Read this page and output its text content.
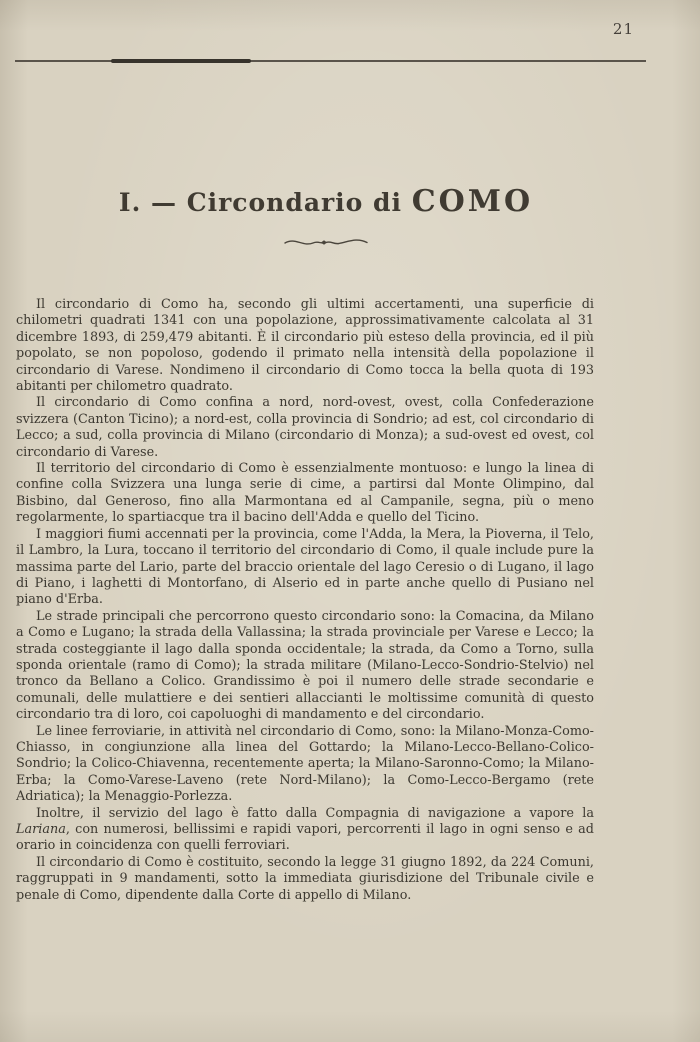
21
I. — Circondario di COMO

Il circondario di Como ha, secondo gli ultimi accertamenti, una superficie di chilometri quadrati 1341 con una popolazione, approssimativamente calcolata al 31 dicembre 1893, di 259,479 abitanti. È il circondario più esteso della provincia, ed il più popolato, se non popoloso, godendo il primato nella intensità della popolazione il circondario di Varese. Nondimeno il circondario di Como tocca la bella quota di 193 abitanti per chilometro quadrato.

Il circondario di Como confina a nord, nord-ovest, ovest, colla Confederazione svizzera (Canton Ticino); a nord-est, colla provincia di Sondrio; ad est, col circondario di Lecco; a sud, colla provincia di Milano (circondario di Monza); a sud-ovest ed ovest, col circondario di Varese.

Il territorio del circondario di Como è essenzialmente montuoso: e lungo la linea di confine colla Svizzera una lunga serie di cime, a partirsi dal Monte Olimpino, dal Bisbino, dal Generoso, fino alla Marmontana ed al Campanile, segna, più o meno regolarmente, lo spartiacque tra il bacino dell'Adda e quello del Ticino.

I maggiori fiumi accennati per la provincia, come l'Adda, la Mera, la Pioverna, il Telo, il Lambro, la Lura, toccano il territorio del circondario di Como, il quale include pure la massima parte del Lario, parte del braccio orientale del lago Ceresio o di Lugano, il lago di Piano, i laghetti di Montorfano, di Alserio ed in parte anche quello di Pusiano nel piano d'Erba.

Le strade principali che percorrono questo circondario sono: la Comacina, da Milano a Como e Lugano; la strada della Vallassina; la strada provinciale per Varese e Lecco; la strada costeggiante il lago dalla sponda occidentale; la strada, da Como a Torno, sulla sponda orientale (ramo di Como); la strada militare (Milano-Lecco-Sondrio-Stelvio) nel tronco da Bellano a Colico. Grandissimo è poi il numero delle strade secondarie e comunali, delle mulattiere e dei sentieri allaccianti le moltissime comunità di questo circondario tra di loro, coi capoluoghi di mandamento e del circondario.

Le linee ferroviarie, in attività nel circondario di Como, sono: la Milano-Monza-Como-Chiasso, in congiunzione alla linea del Gottardo; la Milano-Lecco-Bellano-Colico-Sondrio; la Colico-Chiavenna, recentemente aperta; la Milano-Saronno-Como; la Milano-Erba; la Como-Varese-Laveno (rete Nord-Milano); la Como-Lecco-Bergamo (rete Adriatica); la Menaggio-Porlezza.

Inoltre, il servizio del lago è fatto dalla Compagnia di navigazione a vapore la Lariana, con numerosi, bellissimi e rapidi vapori, percorrenti il lago in ogni senso e ad orario in coincidenza con quelli ferroviari.

Il circondario di Como è costituito, secondo la legge 31 giugno 1892, da 224 Comuni, raggruppati in 9 mandamenti, sotto la immediata giurisdizione del Tribunale civile e penale di Como, dipendente dalla Corte di appello di Milano.
